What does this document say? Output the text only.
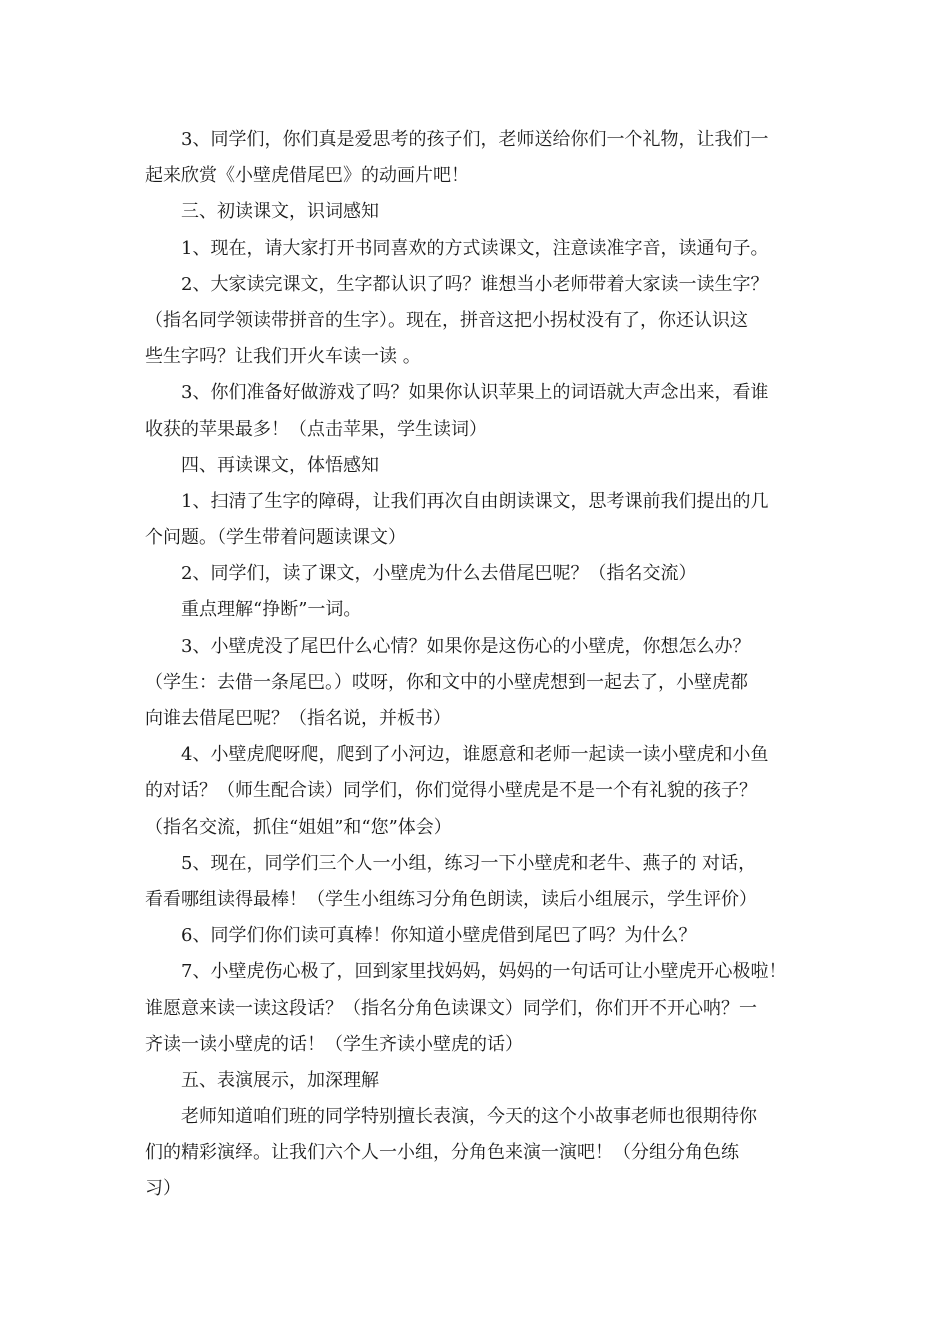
3、同学们，你们真是爱思考的孩子们，老师送给你们一个礼物，让我们一
起来欣赏《小壁虎借尾巴》的动画片吧！
三、初读课文，识词感知
1、现在，请大家打开书同喜欢的方式读课文，注意读准字音，读通句子。
2、大家读完课文，生字都认识了吗？谁想当小老师带着大家读一读生字？
（指名同学领读带拼音的生字）。现在，拼音这把小拐杖没有了，你还认识这
些生字吗？让我们开火车读一读 。
3、你们准备好做游戏了吗？如果你认识苹果上的词语就大声念出来，看谁
收获的苹果最多！（点击苹果，学生读词）
四、再读课文，体悟感知
1、扫清了生字的障碍，让我们再次自由朗读课文，思考课前我们提出的几
个问题。（学生带着问题读课文）
2、同学们，读了课文，小壁虎为什么去借尾巴呢？（指名交流）
重点理解“挣断”一词。
3、小壁虎没了尾巴什么心情？如果你是这伤心的小壁虎，你想怎么办？
（学生：去借一条尾巴。）哎呀，你和文中的小壁虎想到一起去了，小壁虎都
向谁去借尾巴呢？（指名说，并板书）
4、小壁虎爬呀爬，爬到了小河边，谁愿意和老师一起读一读小壁虎和小鱼
的对话？（师生配合读）同学们，你们觉得小壁虎是不是一个有礼貌的孩子？
（指名交流，抓住“姐姐”和“您”体会）
5、现在，同学们三个人一小组，练习一下小壁虎和老牛、燕子的 对话，
看看哪组读得最棒！（学生小组练习分角色朗读，读后小组展示，学生评价）
6、同学们你们读可真棒！你知道小壁虎借到尾巴了吗？为什么？
7、小壁虎伤心极了，回到家里找妈妈，妈妈的一句话可让小壁虎开心极啦！
谁愿意来读一读这段话？（指名分角色读课文）同学们，你们开不开心呐？一
齐读一读小壁虎的话！（学生齐读小壁虎的话）
五、表演展示，加深理解
老师知道咱们班的同学特别擅长表演，今天的这个小故事老师也很期待你
们的精彩演绎。让我们六个人一小组，分角色来演一演吧！（分组分角色练
习）
